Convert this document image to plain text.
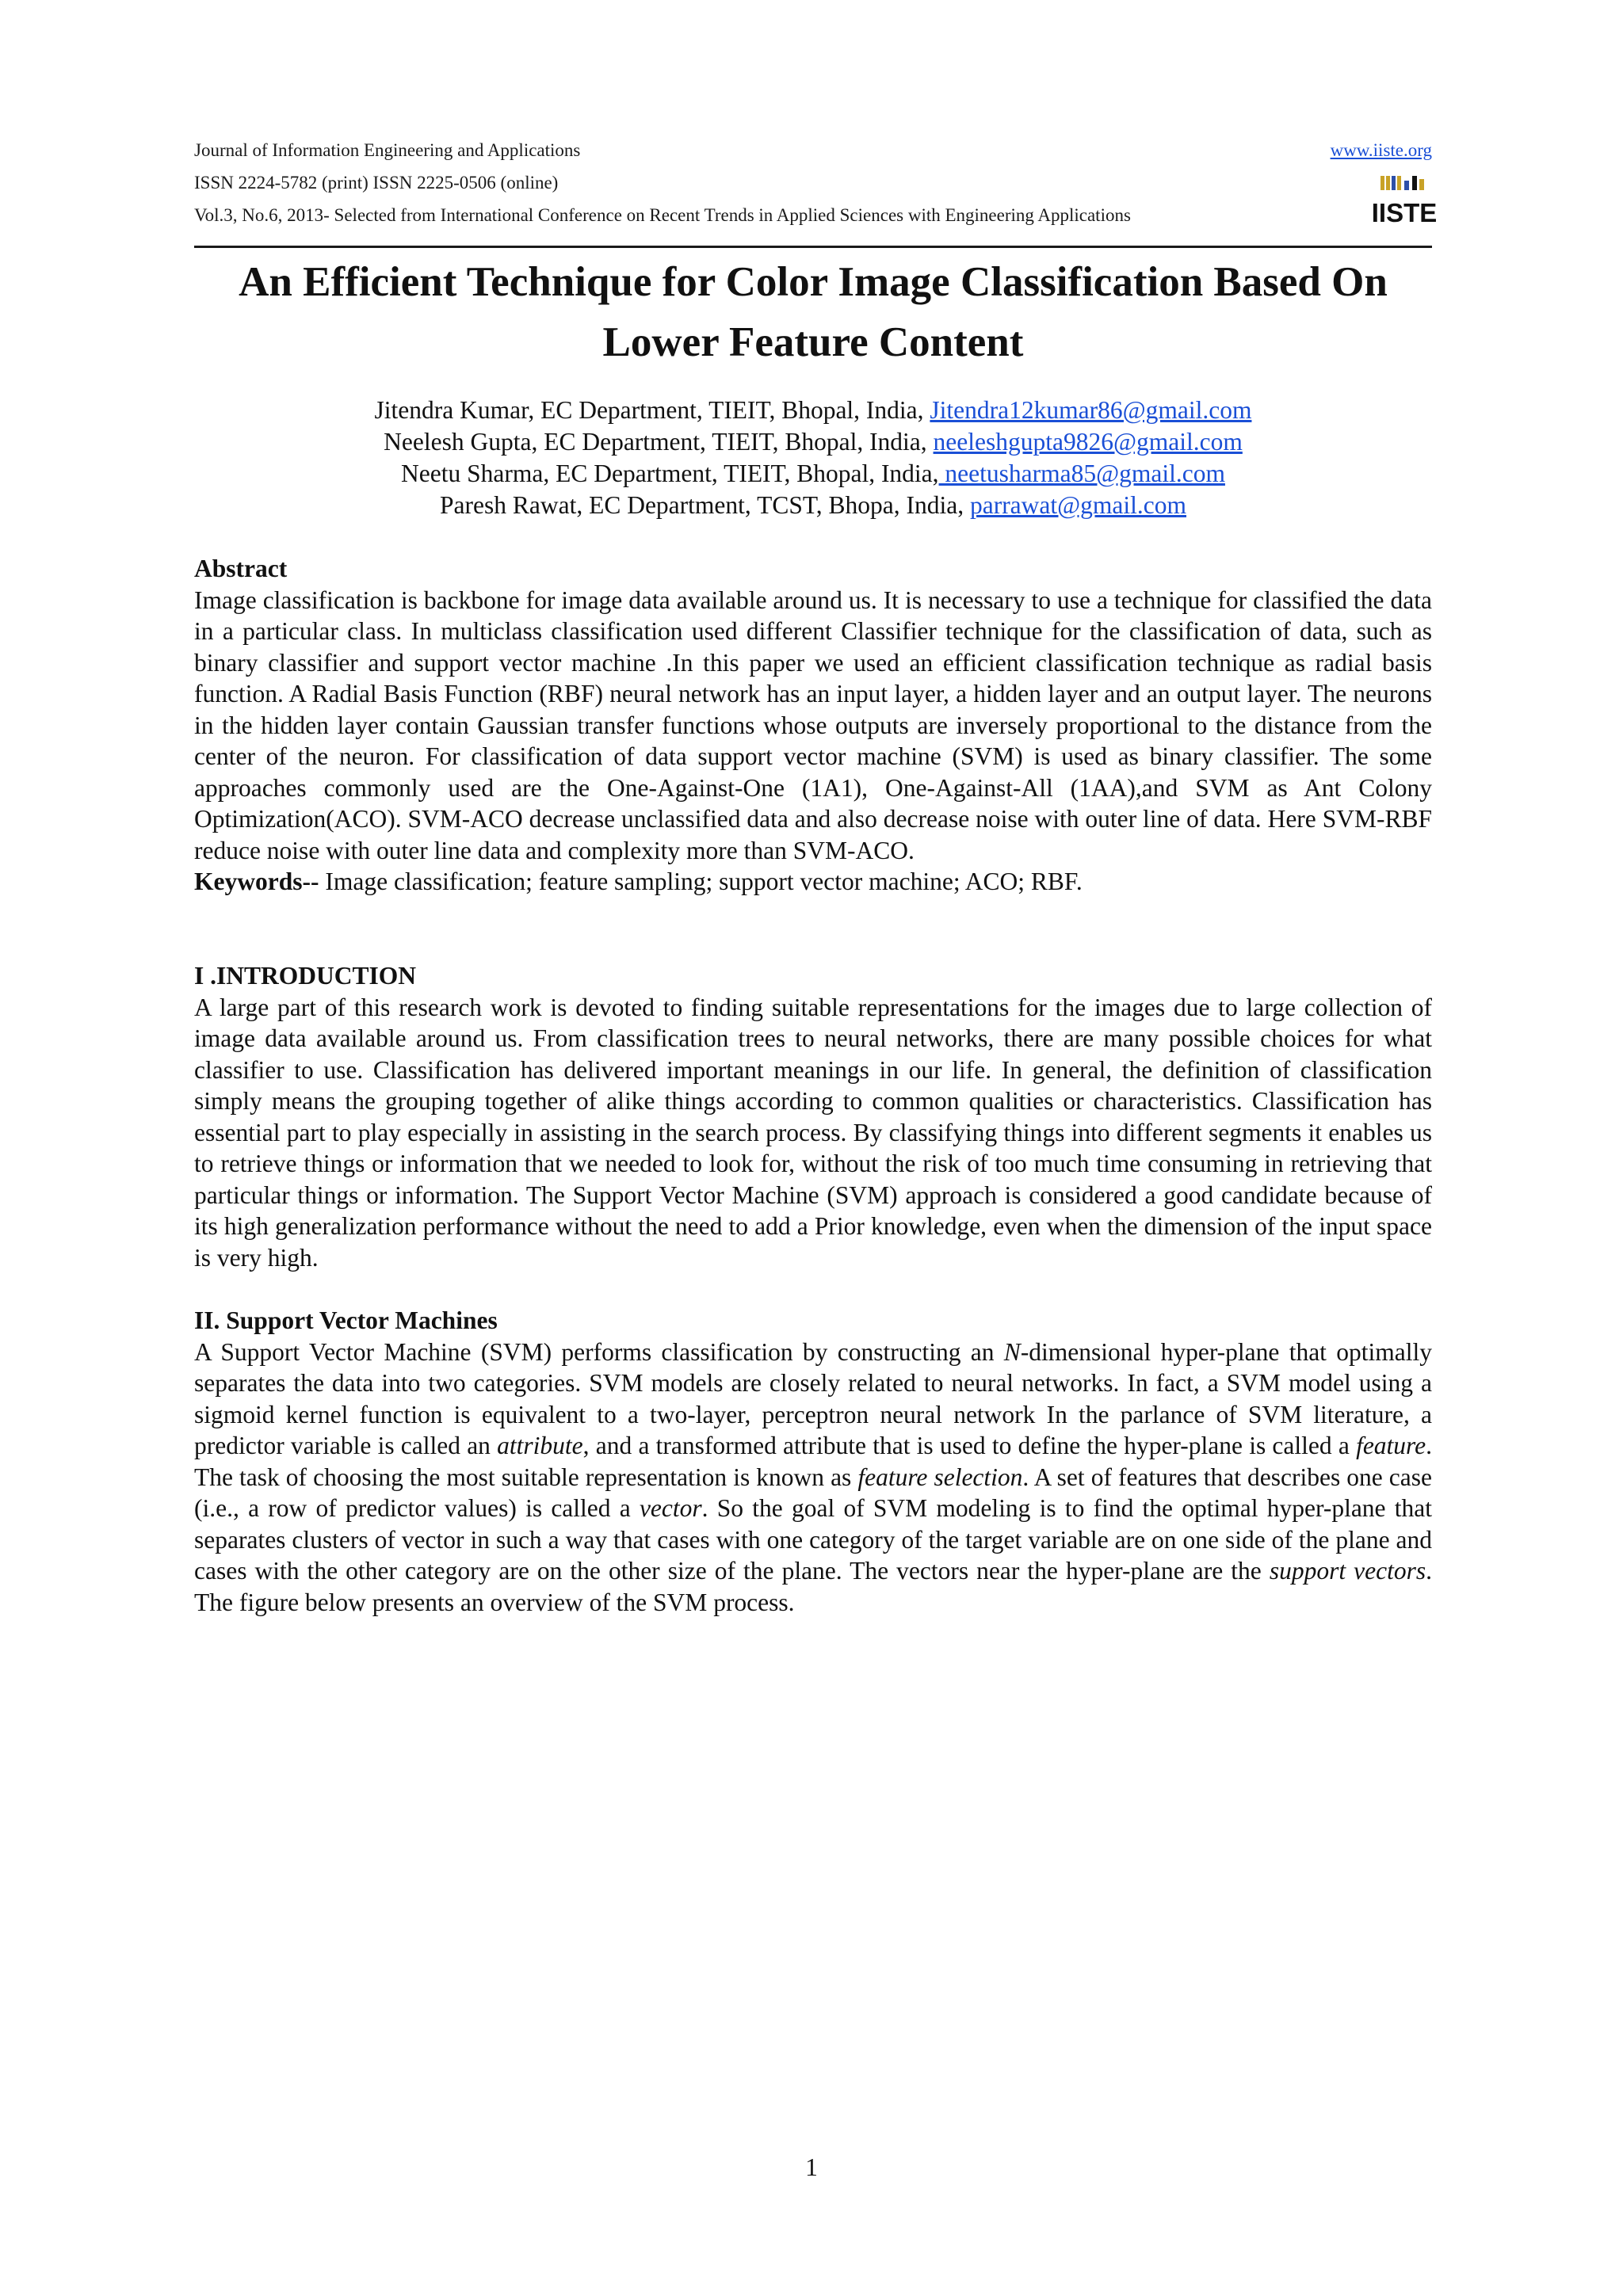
Journal of Information Engineering and Applications
ISSN 2224-5782 (print) ISSN 2225-0506 (online)
Vol.3, No.6, 2013- Selected from International Conference on Recent Trends in Applied Sciences with Engineering Applications
www.iiste.org
IISTE
An Efficient Technique for Color Image Classification Based On
Lower Feature Content
Jitendra Kumar, EC Department, TIEIT, Bhopal, India, Jitendra12kumar86@gmail.com
Neelesh Gupta, EC Department, TIEIT, Bhopal, India, neeleshgupta9826@gmail.com
Neetu Sharma, EC Department, TIEIT, Bhopal, India, neetusharma85@gmail.com
Paresh Rawat, EC Department, TCST, Bhopa, India, parrawat@gmail.com
Abstract

Image classification is backbone for image data available around us. It is necessary to use a technique for classified the data in a particular class. In multiclass classification used different Classifier technique for the classification of data, such as binary classifier and support vector machine .In this paper we used an efficient classification technique as radial basis function. A Radial Basis Function (RBF) neural network has an input layer, a hidden layer and an output layer. The neurons in the hidden layer contain Gaussian transfer functions whose outputs are inversely proportional to the distance from the center of the neuron. For classification of data support vector machine (SVM) is used as binary classifier. The some approaches commonly used are the One-Against-One (1A1), One-Against-All (1AA),and SVM as Ant Colony Optimization(ACO). SVM-ACO decrease unclassified data and also decrease noise with outer line of data. Here SVM-RBF reduce noise with outer line data and complexity more than SVM-ACO.

Keywords-- Image classification; feature sampling; support vector machine; ACO; RBF.

I .INTRODUCTION

A large part of this research work is devoted to finding suitable representations for the images due to large collection of image data available around us. From classification trees to neural networks, there are many possible choices for what classifier to use. Classification has delivered important meanings in our life. In general, the definition of classification simply means the grouping together of alike things according to common qualities or characteristics. Classification has essential part to play especially in assisting in the search process. By classifying things into different segments it enables us to retrieve things or information that we needed to look for, without the risk of too much time consuming in retrieving that particular things or information. The Support Vector Machine (SVM) approach is considered a good candidate because of its high generalization performance without the need to add a Prior knowledge, even when the dimension of the input space is very high.

II. Support Vector Machines

A Support Vector Machine (SVM) performs classification by constructing an N-dimensional hyper-plane that optimally separates the data into two categories. SVM models are closely related to neural networks. In fact, a SVM model using a sigmoid kernel function is equivalent to a two-layer, perceptron neural network In the parlance of SVM literature, a predictor variable is called an attribute, and a transformed attribute that is used to define the hyper-plane is called a feature. The task of choosing the most suitable representation is known as feature selection. A set of features that describes one case (i.e., a row of predictor values) is called a vector. So the goal of SVM modeling is to find the optimal hyper-plane that separates clusters of vector in such a way that cases with one category of the target variable are on one side of the plane and cases with the other category are on the other size of the plane. The vectors near the hyper-plane are the support vectors. The figure below presents an overview of the SVM process.

1
